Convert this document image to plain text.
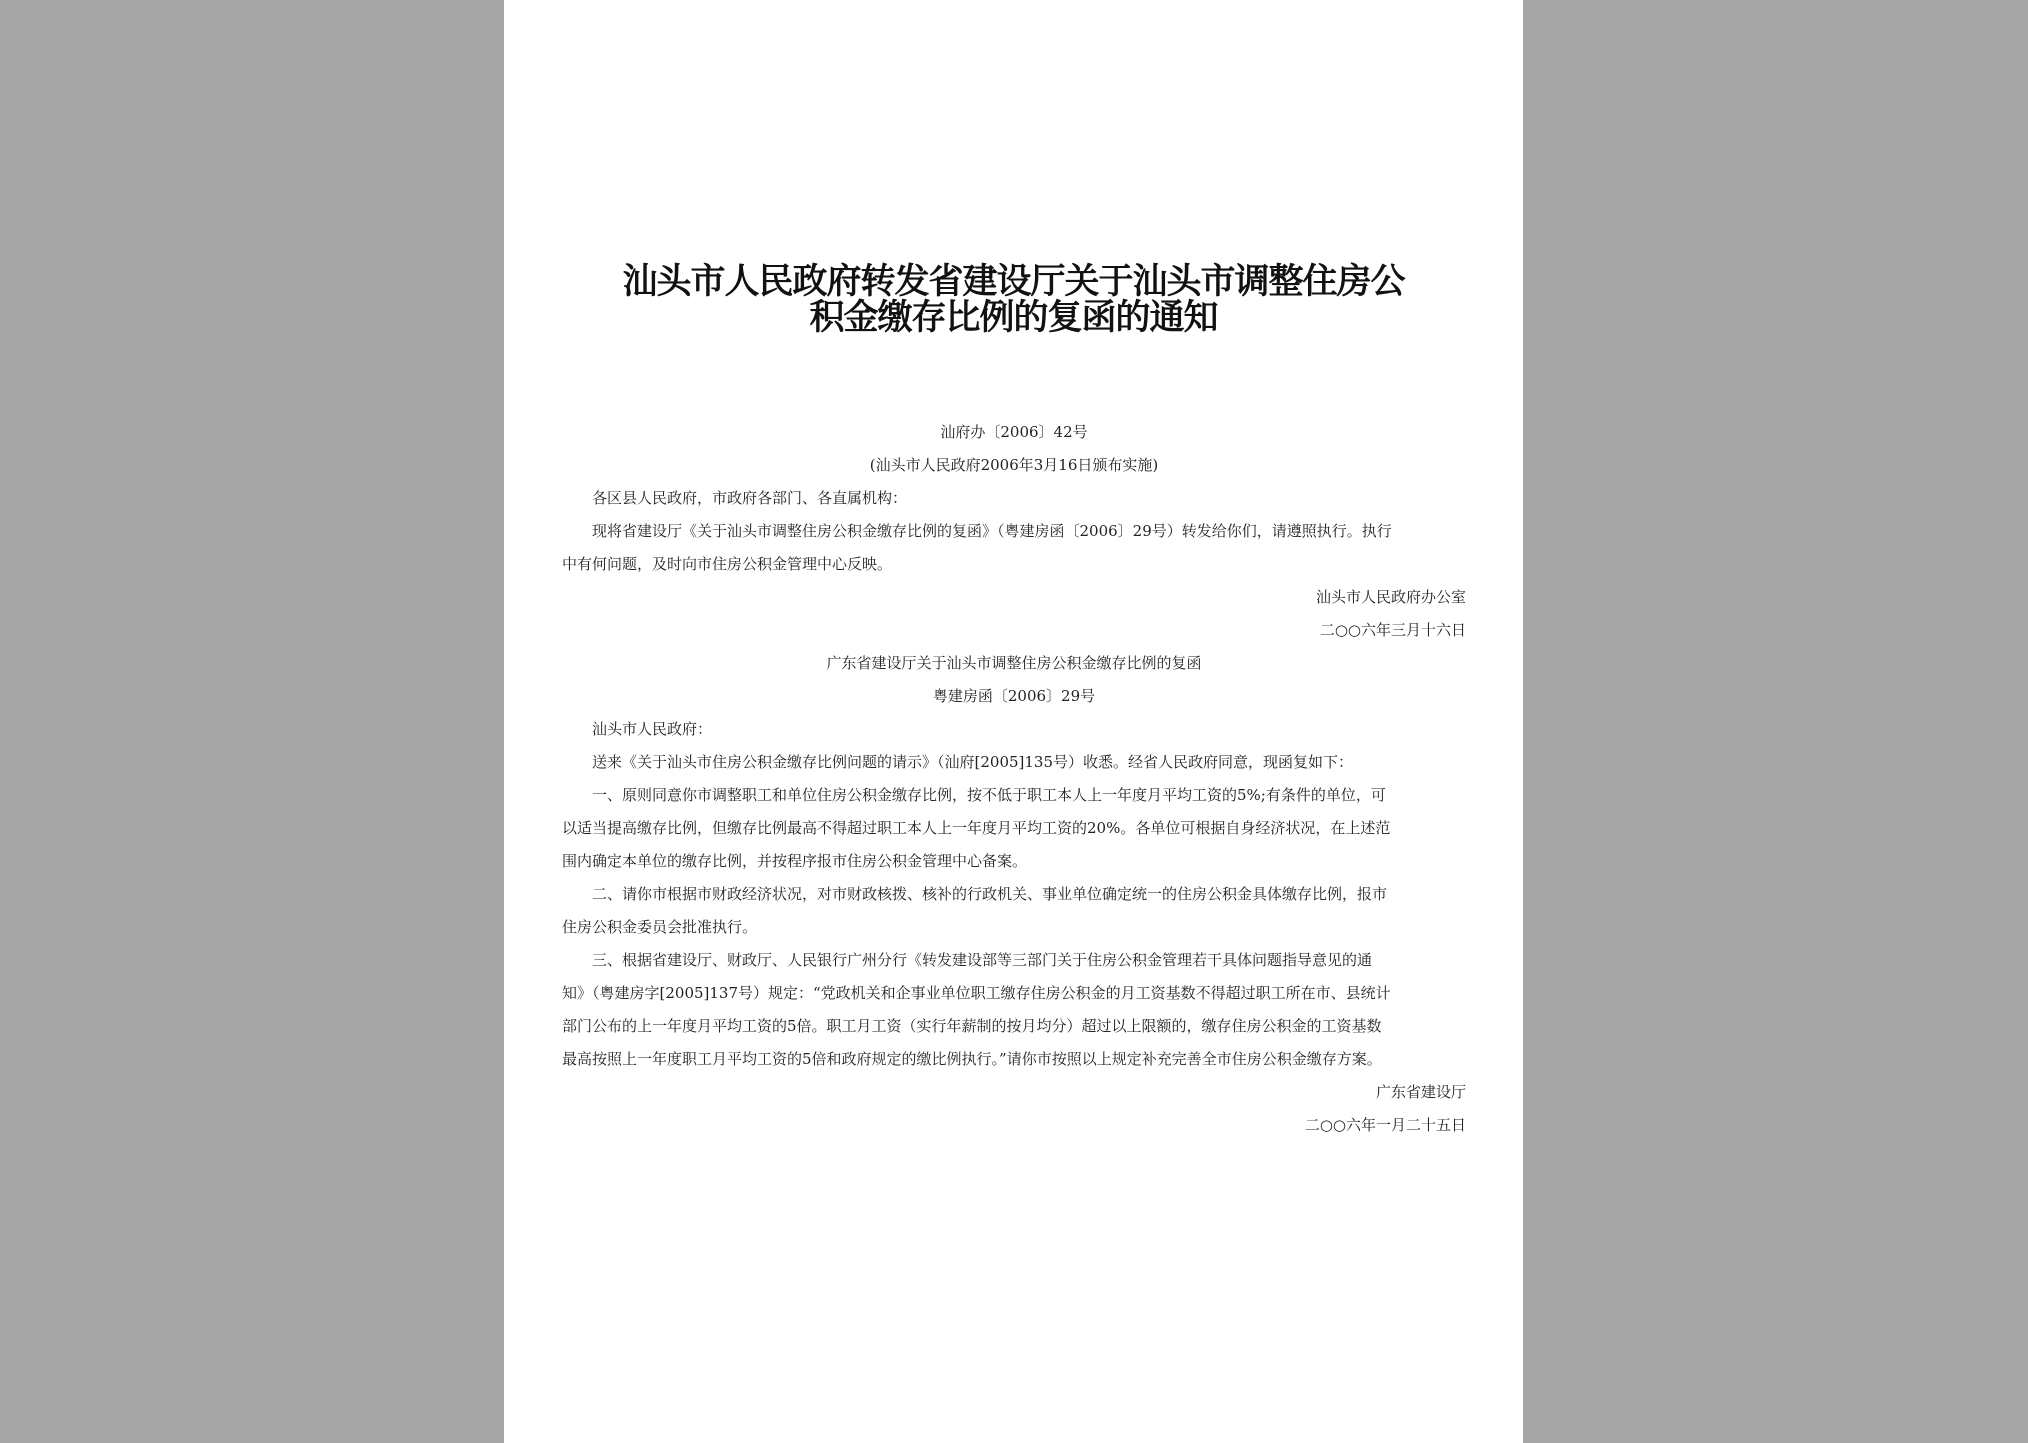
汕头市人民政府转发省建设厅关于汕头市调整住房公
积金缴存比例的复函的通知
汕府办〔2006〕42号
(汕头市人民政府2006年3月16日颁布实施)
各区县人民政府，市政府各部门、各直属机构：
现将省建设厅《关于汕头市调整住房公积金缴存比例的复函》（粤建房函〔2006〕29号）转发给你们，请遵照执行。执行
中有何问题，及时向市住房公积金管理中心反映。
汕头市人民政府办公室
二○○六年三月十六日
广东省建设厅关于汕头市调整住房公积金缴存比例的复函
粤建房函〔2006〕29号
汕头市人民政府：
送来《关于汕头市住房公积金缴存比例问题的请示》（汕府[2005]135号）收悉。经省人民政府同意，现函复如下：
一、原则同意你市调整职工和单位住房公积金缴存比例，按不低于职工本人上一年度月平均工资的5%;有条件的单位，可
以适当提高缴存比例，但缴存比例最高不得超过职工本人上一年度月平均工资的20%。各单位可根据自身经济状况，在上述范
围内确定本单位的缴存比例，并按程序报市住房公积金管理中心备案。
二、请你市根据市财政经济状况，对市财政核拨、核补的行政机关、事业单位确定统一的住房公积金具体缴存比例，报市
住房公积金委员会批准执行。
三、根据省建设厅、财政厅、人民银行广州分行《转发建设部等三部门关于住房公积金管理若干具体问题指导意见的通
知》（粤建房字[2005]137号）规定：“党政机关和企事业单位职工缴存住房公积金的月工资基数不得超过职工所在市、县统计
部门公布的上一年度月平均工资的5倍。职工月工资（实行年薪制的按月均分）超过以上限额的，缴存住房公积金的工资基数
最高按照上一年度职工月平均工资的5倍和政府规定的缴比例执行。”请你市按照以上规定补充完善全市住房公积金缴存方案。
广东省建设厅
二○○六年一月二十五日
